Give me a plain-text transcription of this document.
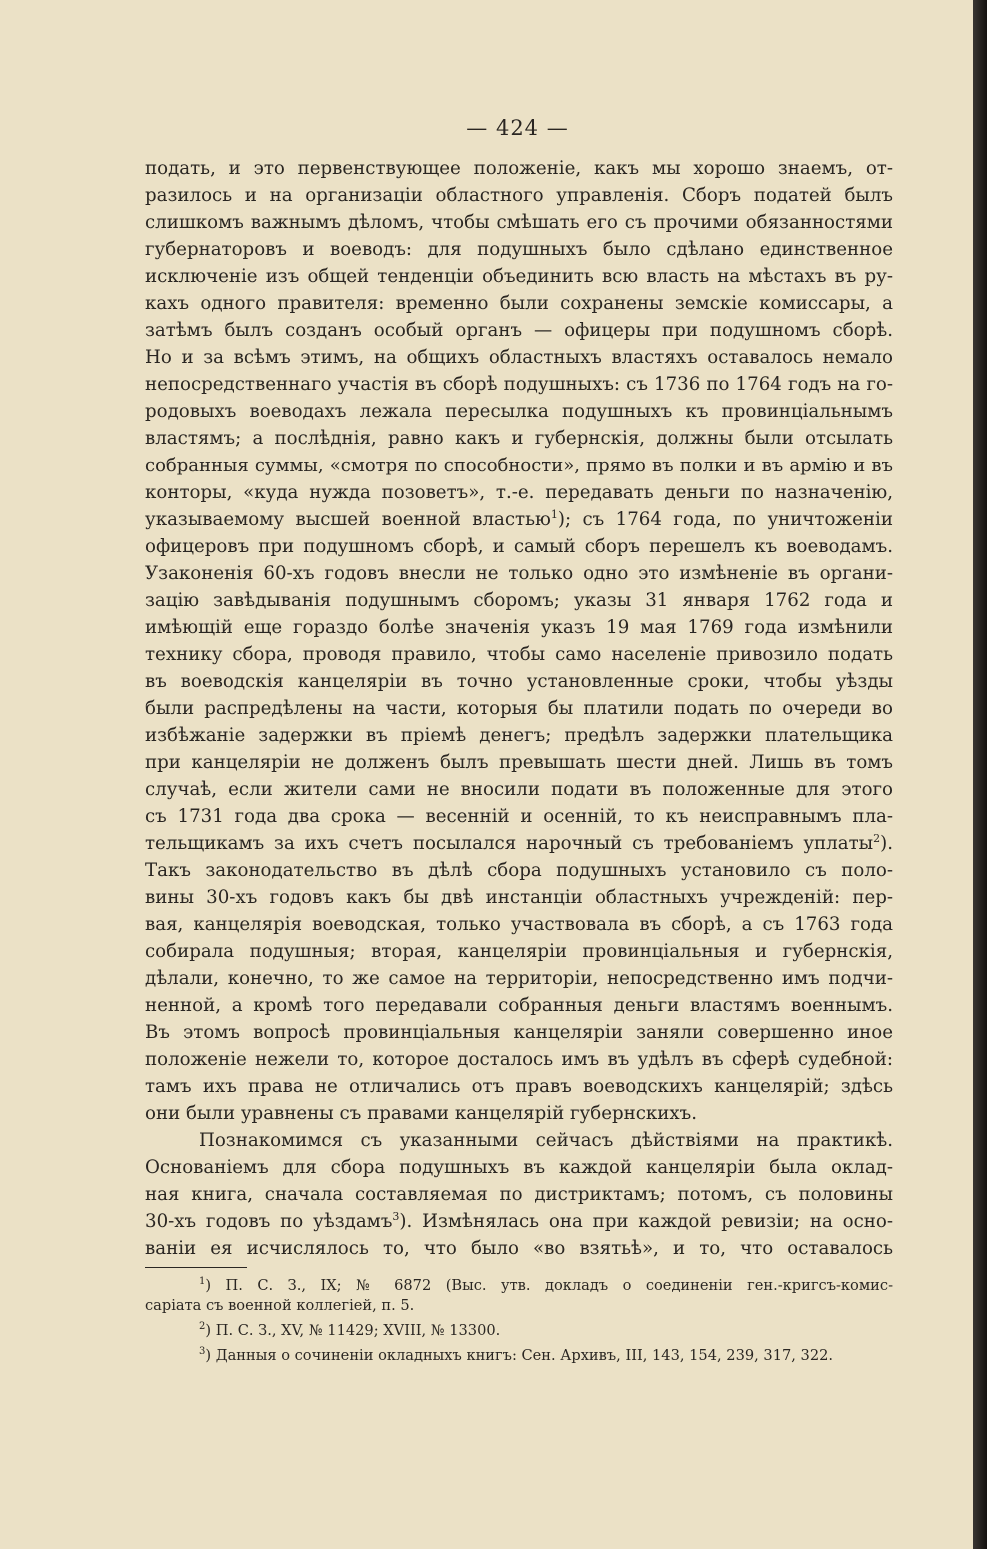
— 424 —
подать, и это первенствующее положеніе, какъ мы хорошо знаемъ, от-
разилось и на организаціи областного управленія. Сборъ податей былъ
слишкомъ важнымъ дѣломъ, чтобы смѣшать его съ прочими обязанностями
губернаторовъ и воеводъ: для подушныхъ было сдѣлано единственное
исключеніе изъ общей тенденціи объединить всю власть на мѣстахъ въ ру-
кахъ одного правителя: временно были сохранены земскіе комиссары, а
затѣмъ былъ созданъ особый органъ — офицеры при подушномъ сборѣ.
Но и за всѣмъ этимъ, на общихъ областныхъ властяхъ оставалось немало
непосредственнаго участія въ сборѣ подушныхъ: съ 1736 по 1764 годъ на го-
родовыхъ воеводахъ лежала пересылка подушныхъ къ провинціальнымъ
властямъ; а послѣднія, равно какъ и губернскія, должны были отсылать
собранныя суммы, «смотря по способности», прямо въ полки и въ армію и въ
конторы, «куда нужда позоветъ», т.-е. передавать деньги по назначенію,
указываемому высшей военной властью$^1$); съ 1764 года, по уничтоженіи
офицеровъ при подушномъ сборѣ, и самый сборъ перешелъ къ воеводамъ.
Узаконенія 60-хъ годовъ внесли не только одно это измѣненіе въ органи-
зацію завѣдыванія подушнымъ сборомъ; указы 31 января 1762 года и
имѣющій еще гораздо болѣе значенія указъ 19 мая 1769 года измѣнили
технику сбора, проводя правило, чтобы само населеніе привозило подать
въ воеводскія канцеляріи въ точно установленные сроки, чтобы уѣзды
были распредѣлены на части, которыя бы платили подать по очереди во
избѣжаніе задержки въ пріемѣ денегъ; предѣлъ задержки плательщика
при канцеляріи не долженъ былъ превышать шести дней. Лишь въ томъ
случаѣ, если жители сами не вносили подати въ положенные для этого
съ 1731 года два срока — весенній и осенній, то къ неисправнымъ пла-
тельщикамъ за ихъ счетъ посылался нарочный съ требованіемъ уплаты$^2$).
Такъ законодательство въ дѣлѣ сбора подушныхъ установило съ поло-
вины 30-хъ годовъ какъ бы двѣ инстанціи областныхъ учрежденій: пер-
вая, канцелярія воеводская, только участвовала въ сборѣ, а съ 1763 года
собирала подушныя; вторая, канцеляріи провинціальныя и губернскія,
дѣлали, конечно, то же самое на территоріи, непосредственно имъ подчи-
ненной, а кромѣ того передавали собранныя деньги властямъ военнымъ.
Въ этомъ вопросѣ провинціальныя канцеляріи заняли совершенно иное
положеніе нежели то, которое досталось имъ въ удѣлъ въ сферѣ судебной:
тамъ ихъ права не отличались отъ правъ воеводскихъ канцелярій; здѣсь
они были уравнены съ правами канцелярій губернскихъ.
Познакомимся съ указанными сейчасъ дѣйствіями на практикѣ.
Основаніемъ для сбора подушныхъ въ каждой канцеляріи была оклад-
ная книга, сначала составляемая по дистриктамъ; потомъ, съ половины
30-хъ годовъ по уѣздамъ$^3$). Измѣнялась она при каждой ревизіи; на осно-
ваніи ея исчислялось то, что было «во взятьѣ», и то, что оставалось
$^1$) П. С. З., IX; № 6872 (Выс. утв. докладъ о соединеніи ген.-кригсъ-комис-
саріата съ военной коллегіей, п. 5.
$^2$) П. С. З., XV, № 11429; XVIII, № 13300.
$^3$) Данныя о сочиненіи окладныхъ книгъ: Сен. Архивъ, III, 143, 154, 239, 317, 322.
